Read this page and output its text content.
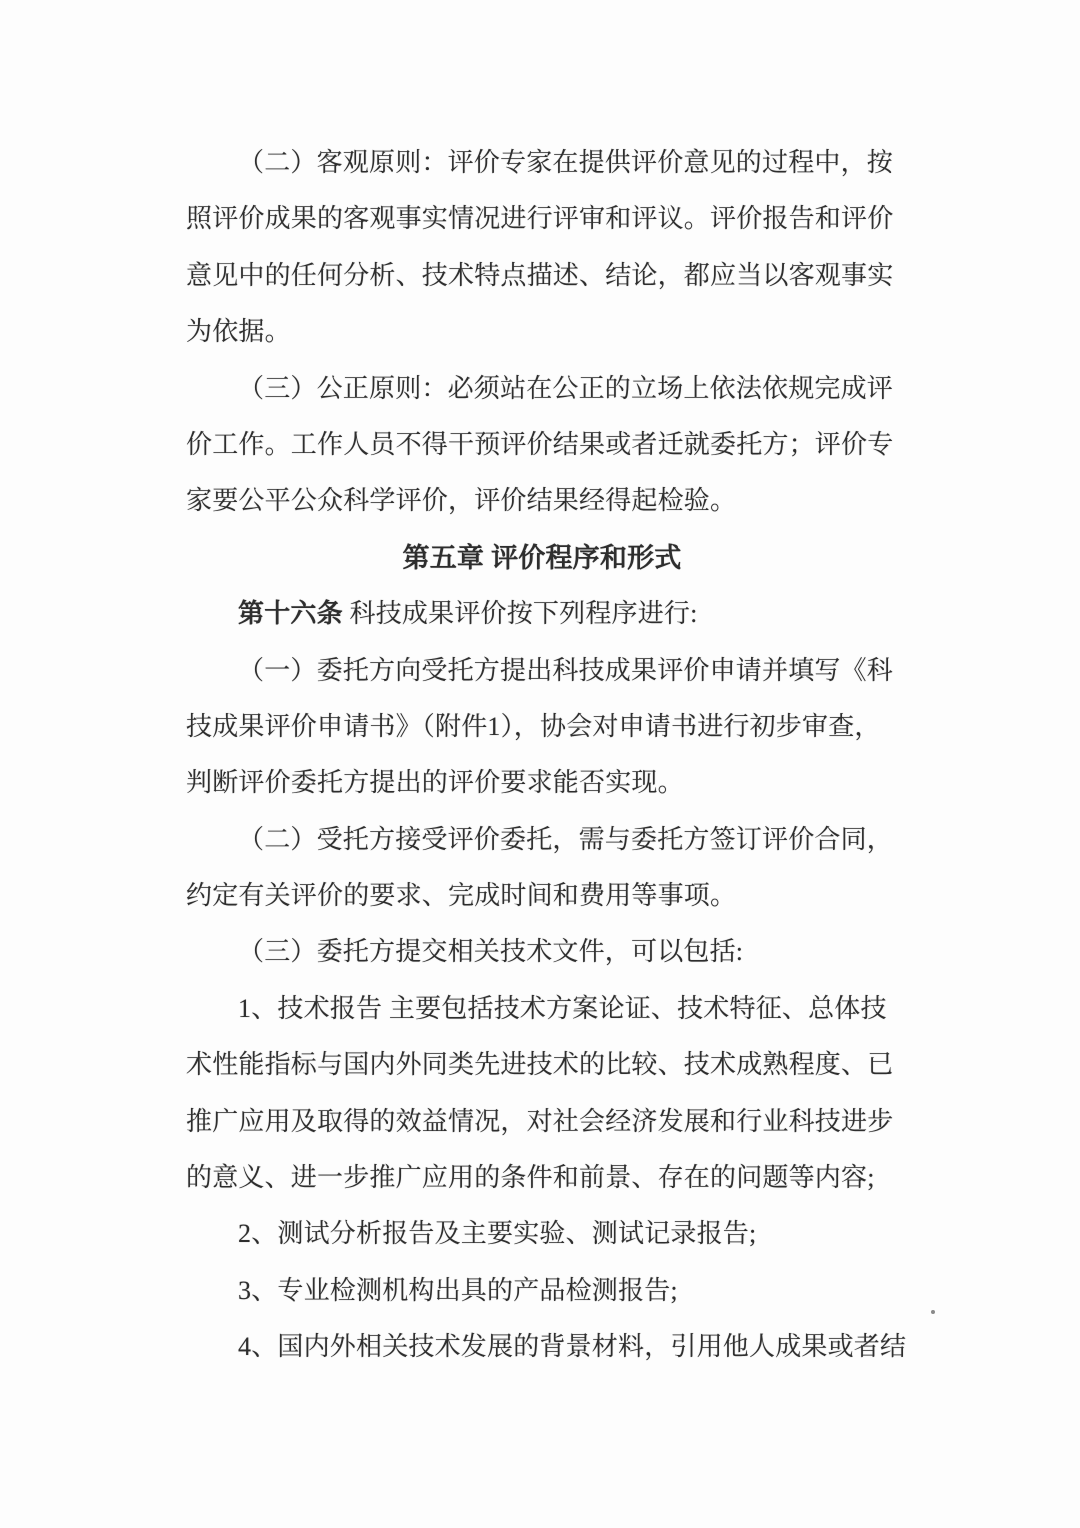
（二）客观原则：评价专家在提供评价意见的过程中，按
照评价成果的客观事实情况进行评审和评议。评价报告和评价
意见中的任何分析、技术特点描述、结论，都应当以客观事实
为依据。
（三）公正原则：必须站在公正的立场上依法依规完成评
价工作。工作人员不得干预评价结果或者迁就委托方；评价专
家要公平公众科学评价，评价结果经得起检验。
第五章 评价程序和形式
第十六条 科技成果评价按下列程序进行:
（一）委托方向受托方提出科技成果评价申请并填写《科
技成果评价申请书》（附件1），协会对申请书进行初步审查，
判断评价委托方提出的评价要求能否实现。
（二）受托方接受评价委托，需与委托方签订评价合同，
约定有关评价的要求、完成时间和费用等事项。
（三）委托方提交相关技术文件，可以包括:
1、技术报告 主要包括技术方案论证、技术特征、总体技
术性能指标与国内外同类先进技术的比较、技术成熟程度、已
推广应用及取得的效益情况，对社会经济发展和行业科技进步
的意义、进一步推广应用的条件和前景、存在的问题等内容;
2、测试分析报告及主要实验、测试记录报告;
3、专业检测机构出具的产品检测报告;
4、国内外相关技术发展的背景材料，引用他人成果或者结
